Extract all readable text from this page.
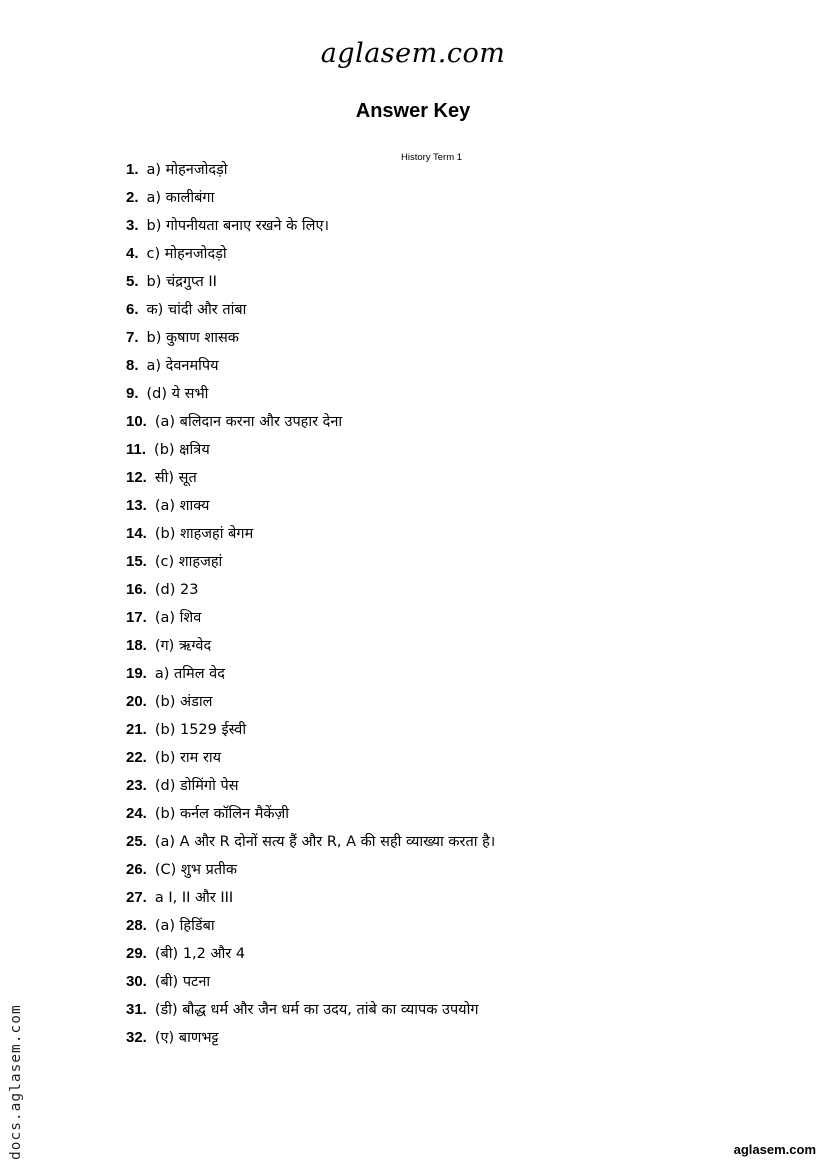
aglasem.com
Answer Key
History Term 1
1. a) मोहनजोदड़ो
2. a) कालीबंगा
3. b) गोपनीयता बनाए रखने के लिए।
4. c) मोहनजोदड़ो
5. b) चंद्रगुप्त II
6. क) चांदी और तांबा
7. b) कुषाण शासक
8. a) देवनमपिय
9. (d) ये सभी
10. (a) बलिदान करना और उपहार देना
11. (b) क्षत्रिय
12. सी) सूत
13. (a) शाक्य
14. (b) शाहजहां बेगम
15. (c) शाहजहां
16. (d) 23
17. (a) शिव
18. (ग) ऋग्वेद
19. a) तमिल वेद
20. (b) अंडाल
21. (b) 1529 ईस्वी
22. (b) राम राय
23. (d) डोमिंगो पेस
24. (b) कर्नल कॉलिन मैकेंज़ी
25. (a) A और R दोनों सत्य हैं और R, A की सही व्याख्या करता है।
26. (C) शुभ प्रतीक
27. a I, II और III
28. (a) हिडिंबा
29. (बी) 1,2 और 4
30. (बी) पटना
31. (डी) बौद्ध धर्म और जैन धर्म का उदय, तांबे का व्यापक उपयोग
32. (ए) बाणभट्ट
docs.aglasem.com	aglasem.com
